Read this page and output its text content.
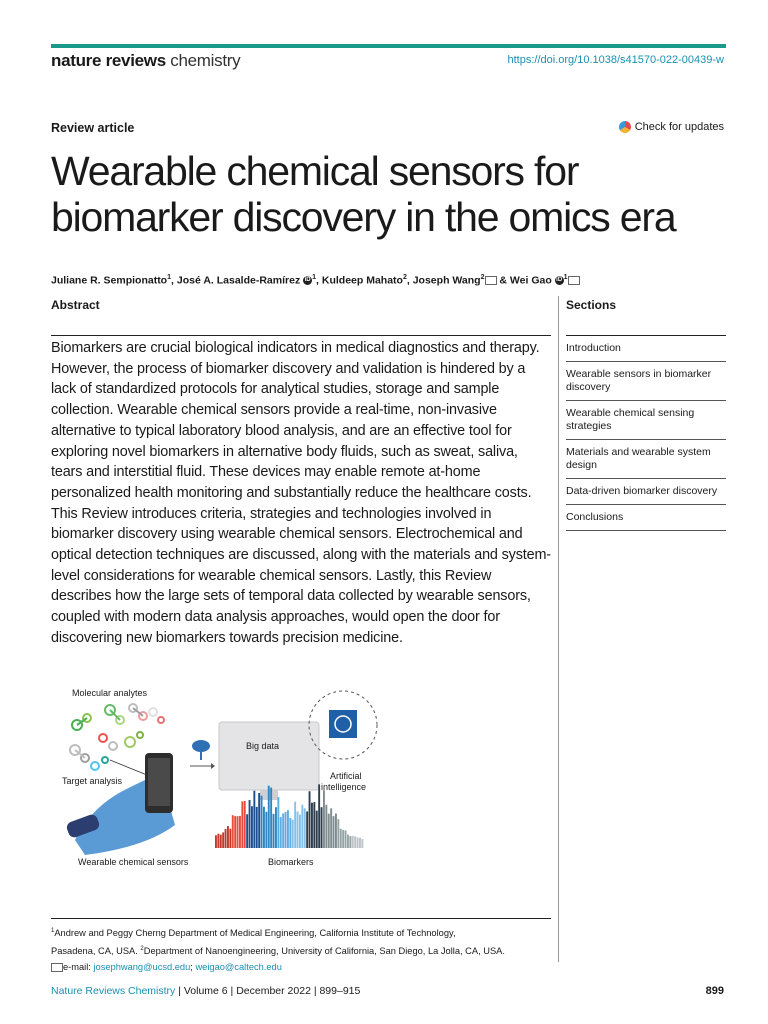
nature reviews chemistry	https://doi.org/10.1038/s41570-022-00439-w
Review article	Check for updates
Wearable chemical sensors for
biomarker discovery in the omics era
Juliane R. Sempionatto$^1$, José A. Lasalde-Ramírez iD $^1$, Kuldeep Mahato$^2$, Joseph Wang$^2$ & Wei Gao iD $^1$
Abstract

Biomarkers are crucial biological indicators in medical diagnostics and therapy. However, the process of biomarker discovery and validation is hindered by a lack of standardized protocols for analytical studies, storage and sample collection. Wearable chemical sensors provide a real-time, non-invasive alternative to typical laboratory blood analysis, and are an effective tool for exploring novel biomarkers in alternative body fluids, such as sweat, saliva, tears and interstitial fluid. These devices may enable remote at-home personalized health monitoring and substantially reduce the healthcare costs. This Review introduces criteria, strategies and technologies involved in biomarker discovery using wearable chemical sensors. Electrochemical and optical detection techniques are discussed, along with the materials and system-level considerations for wearable chemical sensors. Lastly, this Review describes how the large sets of temporal data collected by wearable sensors, coupled with modern data analysis approaches, would open the door for discovering new biomarkers towards precision medicine.

Sections
Introduction
Wearable sensors in biomarker discovery
Wearable chemical sensing strategies
Materials and wearable system design
Data-driven biomarker discovery
Conclusions
Molecular analytes
Target analysis
Wearable chemical sensors	Biomarkers
Big data
Artificial
intelligence

$^1$Andrew and Peggy Cherng Department of Medical Engineering, California Institute of Technology,
Pasadena, CA, USA. $^2$Department of Nanoengineering, University of California, San Diego, La Jolla, CA, USA.
e-mail: josephwang@ucsd.edu; weigao@caltech.edu

Nature Reviews Chemistry | Volume 6 | December 2022 | 899–915	899
